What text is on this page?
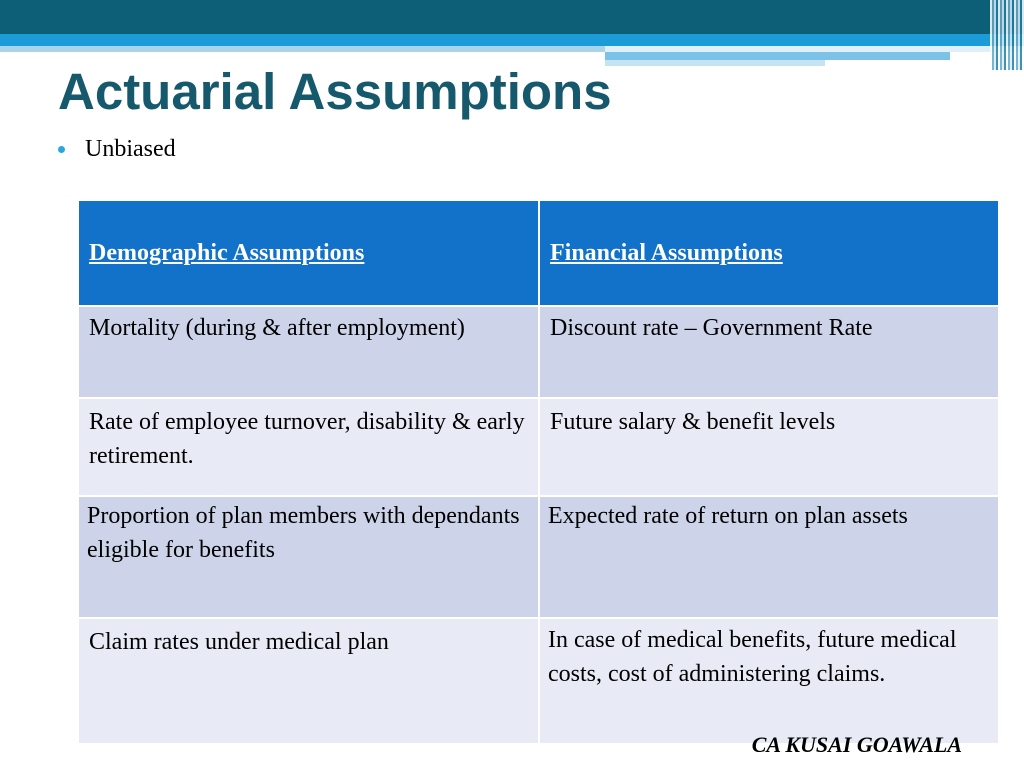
Actuarial Assumptions
Unbiased
Demographic Assumptions	Financial Assumptions
Mortality (during & after employment)	Discount rate – Government Rate
Rate of employee turnover, disability & early retirement.	Future salary & benefit levels
Proportion of plan members with dependants eligible for benefits	Expected rate of return on plan assets
Claim rates under medical plan	In case of medical benefits, future medical costs, cost of administering claims.
CA KUSAI GOAWALA
